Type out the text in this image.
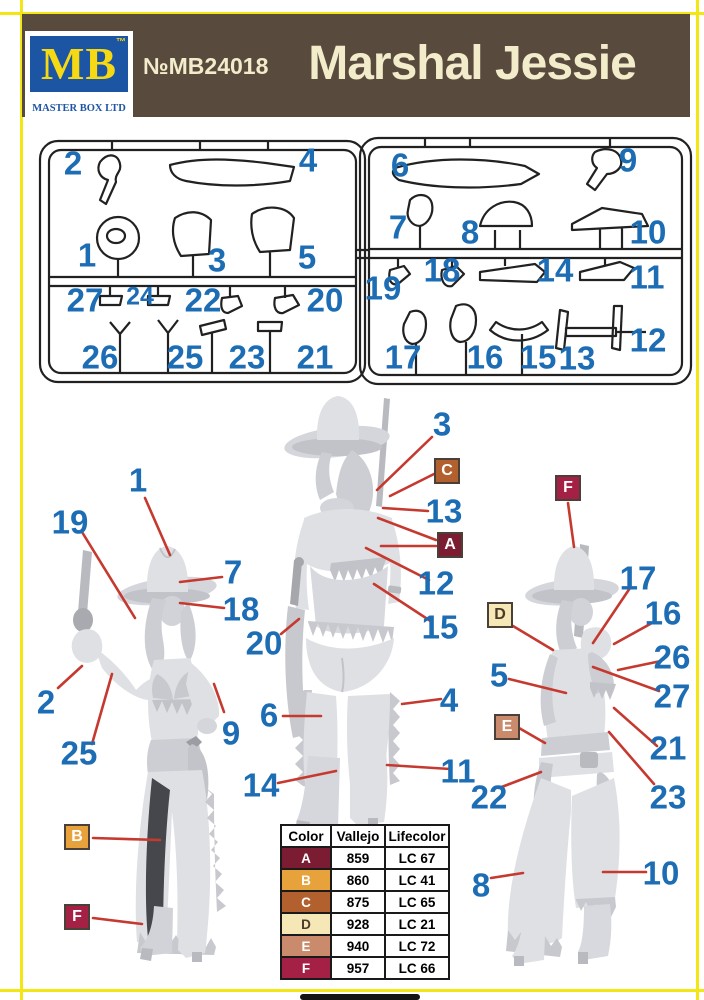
MB
™
MASTER BOX LTD
№MB24018 Marshal Jessie
2	4
1	3 5
27 24 22	20
26 25 23 21
6	9
7 8	10
19 18 14 11
17 16 15 13 12
1
19
7
18
2
25
9
3
13
12
15
20
6
14
4
11
17
16
26
27
5
21
22	23
8	10
C
A
F
D
E
B
F
Color	Vallejo	Lifecolor
A	859	LC 67
B	860	LC 41
C	875	LC 65
D	928	LC 21
E	940	LC 72
F	957	LC 66
